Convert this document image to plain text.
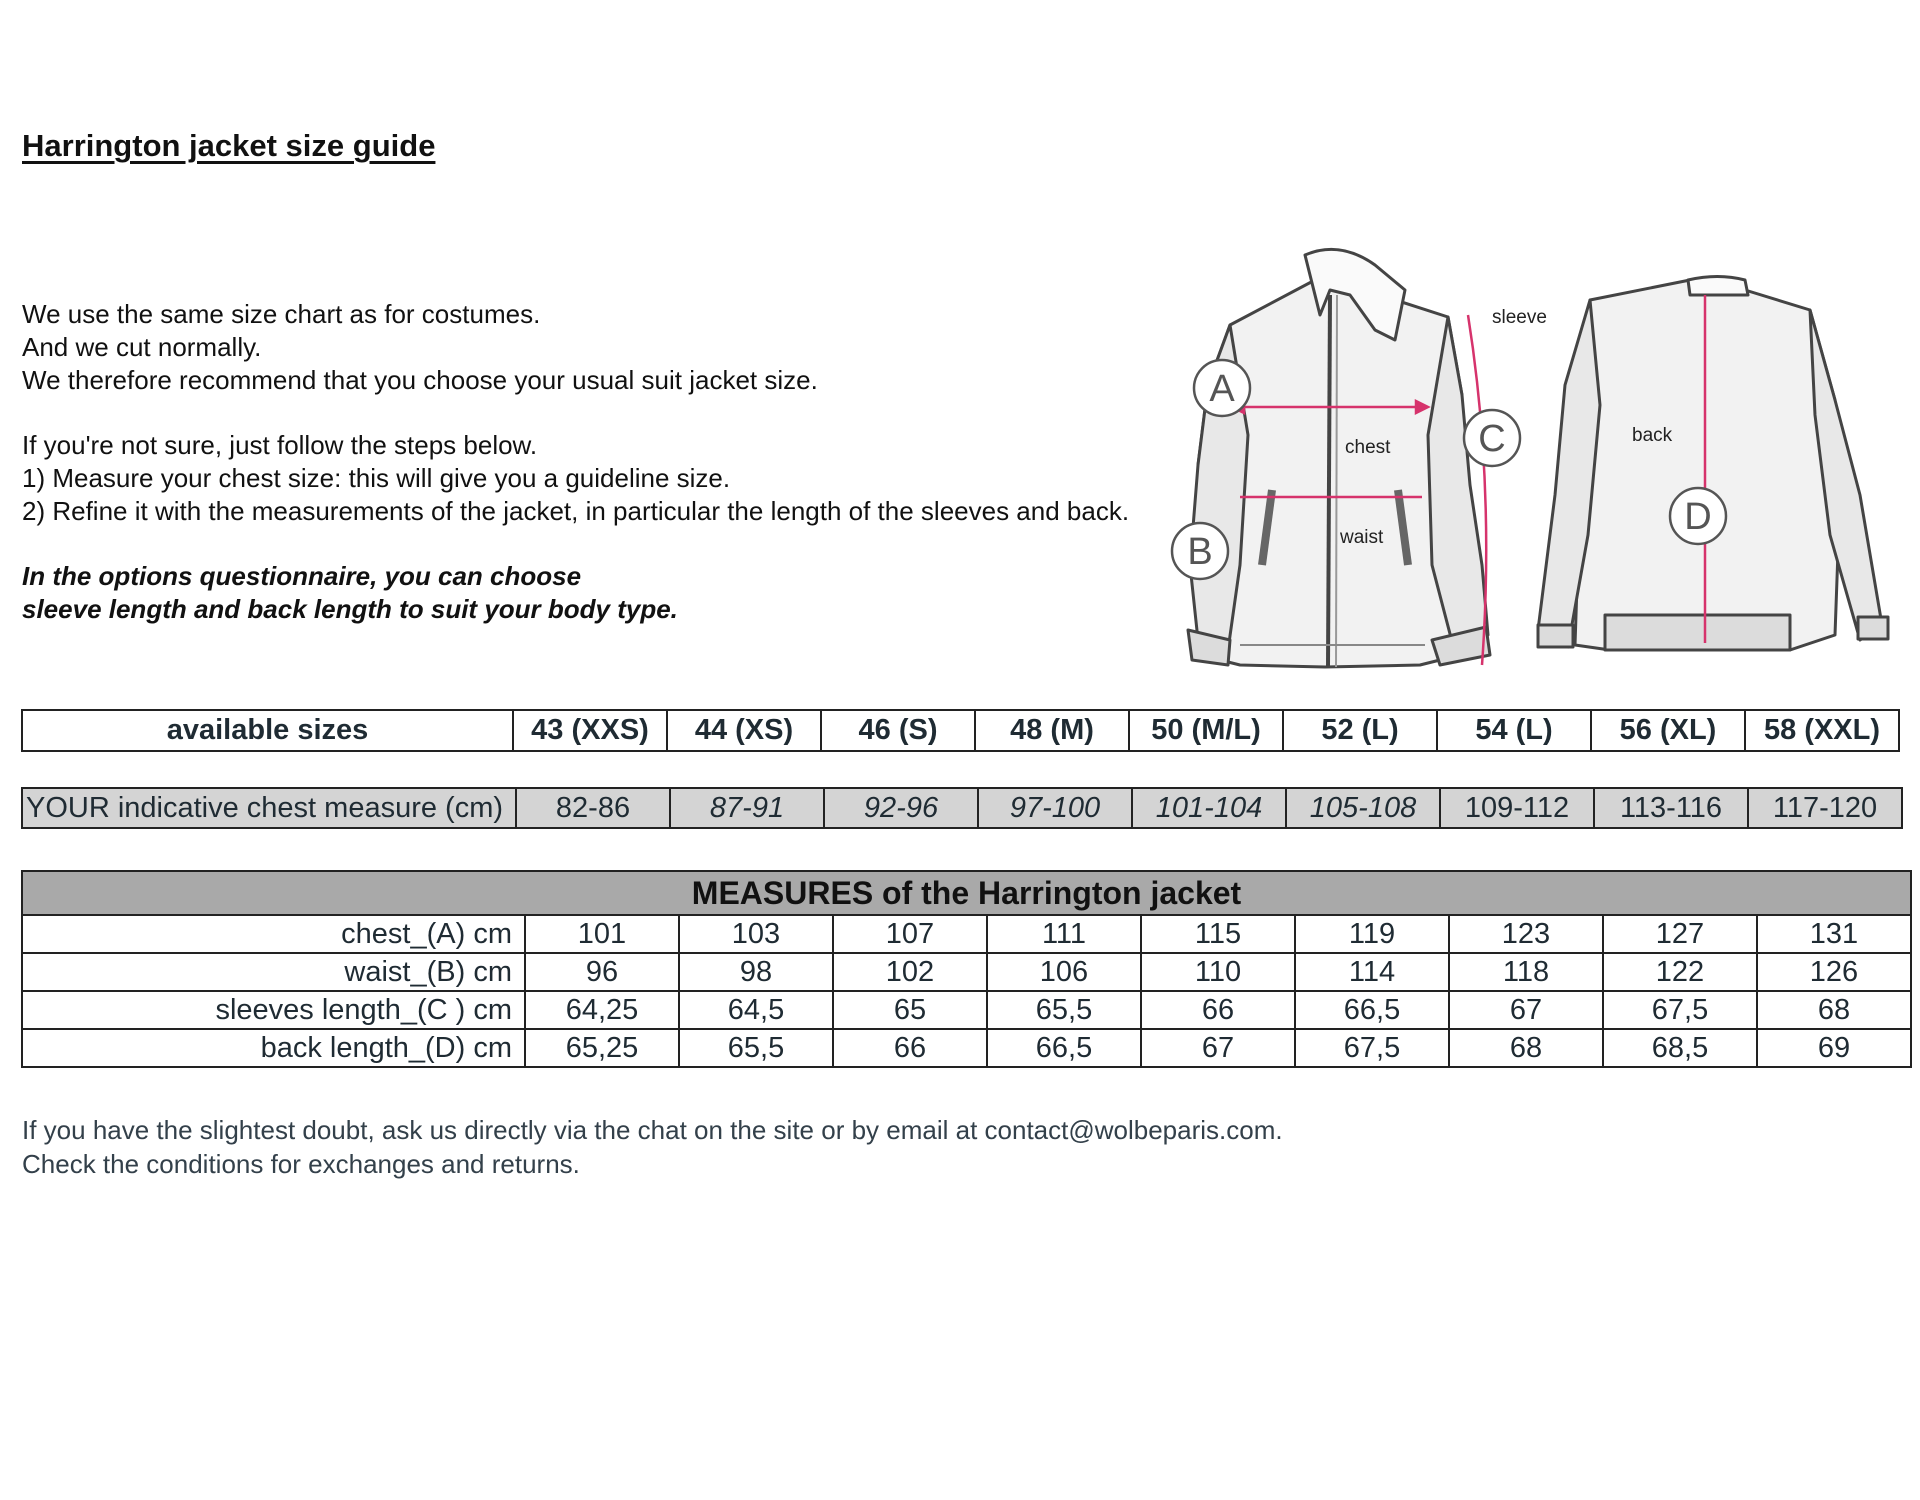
Harrington jacket size guide
We use the same size chart as for costumes.
And we cut normally.
We therefore recommend that you choose your usual suit jacket size.
If you're not sure, just follow the steps below.
1) Measure your chest size: this will give you a guideline size.
2) Refine it with the measurements of the jacket, in particular the length of the sleeves and back.
In the options questionnaire, you can choose
sleeve length and back length to suit your body type.
sleeve
chest
waist
back
A
B
C
D
available sizes	43 (XXS)	44 (XS)	46 (S)	48 (M)	50 (M/L)	52 (L)	54 (L)	56 (XL)	58 (XXL)
YOUR indicative chest measure (cm)	82-86	87-91	92-96	97-100	101-104	105-108	109-112	113-116	117-120
MEASURES of the Harrington jacket									
chest_(A) cm	101	103	107	111	115	119	123	127	131
waist_(B) cm	96	98	102	106	110	114	118	122	126
sleeves length_(C ) cm	64,25	64,5	65	65,5	66	66,5	67	67,5	68
back length_(D) cm	65,25	65,5	66	66,5	67	67,5	68	68,5	69
If you have the slightest doubt, ask us directly via the chat on the site or by email at contact@wolbeparis.com.
Check the conditions for exchanges and returns.
